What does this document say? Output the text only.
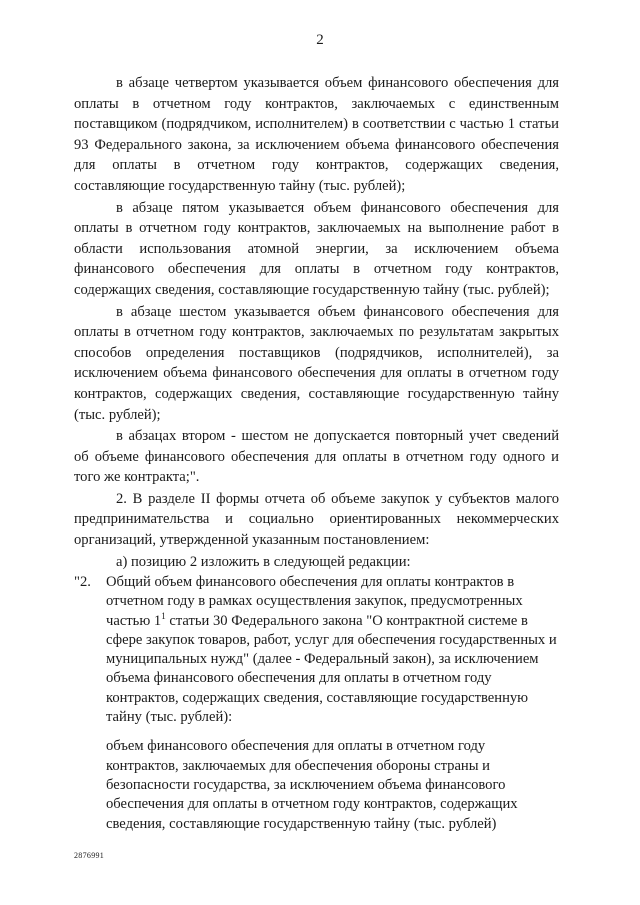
2

в абзаце четвертом указывается объем финансового обеспечения для оплаты в отчетном году контрактов, заключаемых с единственным поставщиком (подрядчиком, исполнителем) в соответствии с частью 1 статьи 93 Федерального закона, за исключением объема финансового обеспечения для оплаты в отчетном году контрактов, содержащих сведения, составляющие государственную тайну (тыс. рублей);

в абзаце пятом указывается объем финансового обеспечения для оплаты в отчетном году контрактов, заключаемых на выполнение работ в области использования атомной энергии, за исключением объема финансового обеспечения для оплаты в отчетном году контрактов, содержащих сведения, составляющие государственную тайну (тыс. рублей);

в абзаце шестом указывается объем финансового обеспечения для оплаты в отчетном году контрактов, заключаемых по результатам закрытых способов определения поставщиков (подрядчиков, исполнителей), за исключением объема финансового обеспечения для оплаты в отчетном году контрактов, содержащих сведения, составляющие государственную тайну (тыс. рублей);

в абзацах втором - шестом не допускается повторный учет сведений об объеме финансового обеспечения для оплаты в отчетном году одного и того же контракта;".

2. В разделе II формы отчета об объеме закупок у субъектов малого предпринимательства и социально ориентированных некоммерческих организаций, утвержденной указанным постановлением:

а) позицию 2 изложить в следующей редакции:

"2.	Общий объем финансового обеспечения для оплаты контрактов в отчетном году в рамках осуществления закупок, предусмотренных частью $1^1$ статьи 30 Федерального закона "О контрактной системе в сфере закупок товаров, работ, услуг для обеспечения государственных и муниципальных нужд" (далее - Федеральный закон), за исключением объема финансового обеспечения для оплаты в отчетном году контрактов, содержащих сведения, составляющие государственную тайну (тыс. рублей):
объем финансового обеспечения для оплаты в отчетном году контрактов, заключаемых для обеспечения обороны страны и безопасности государства, за исключением объема финансового обеспечения для оплаты в отчетном году контрактов, содержащих сведения, составляющие государственную тайну (тыс. рублей)
2876991
